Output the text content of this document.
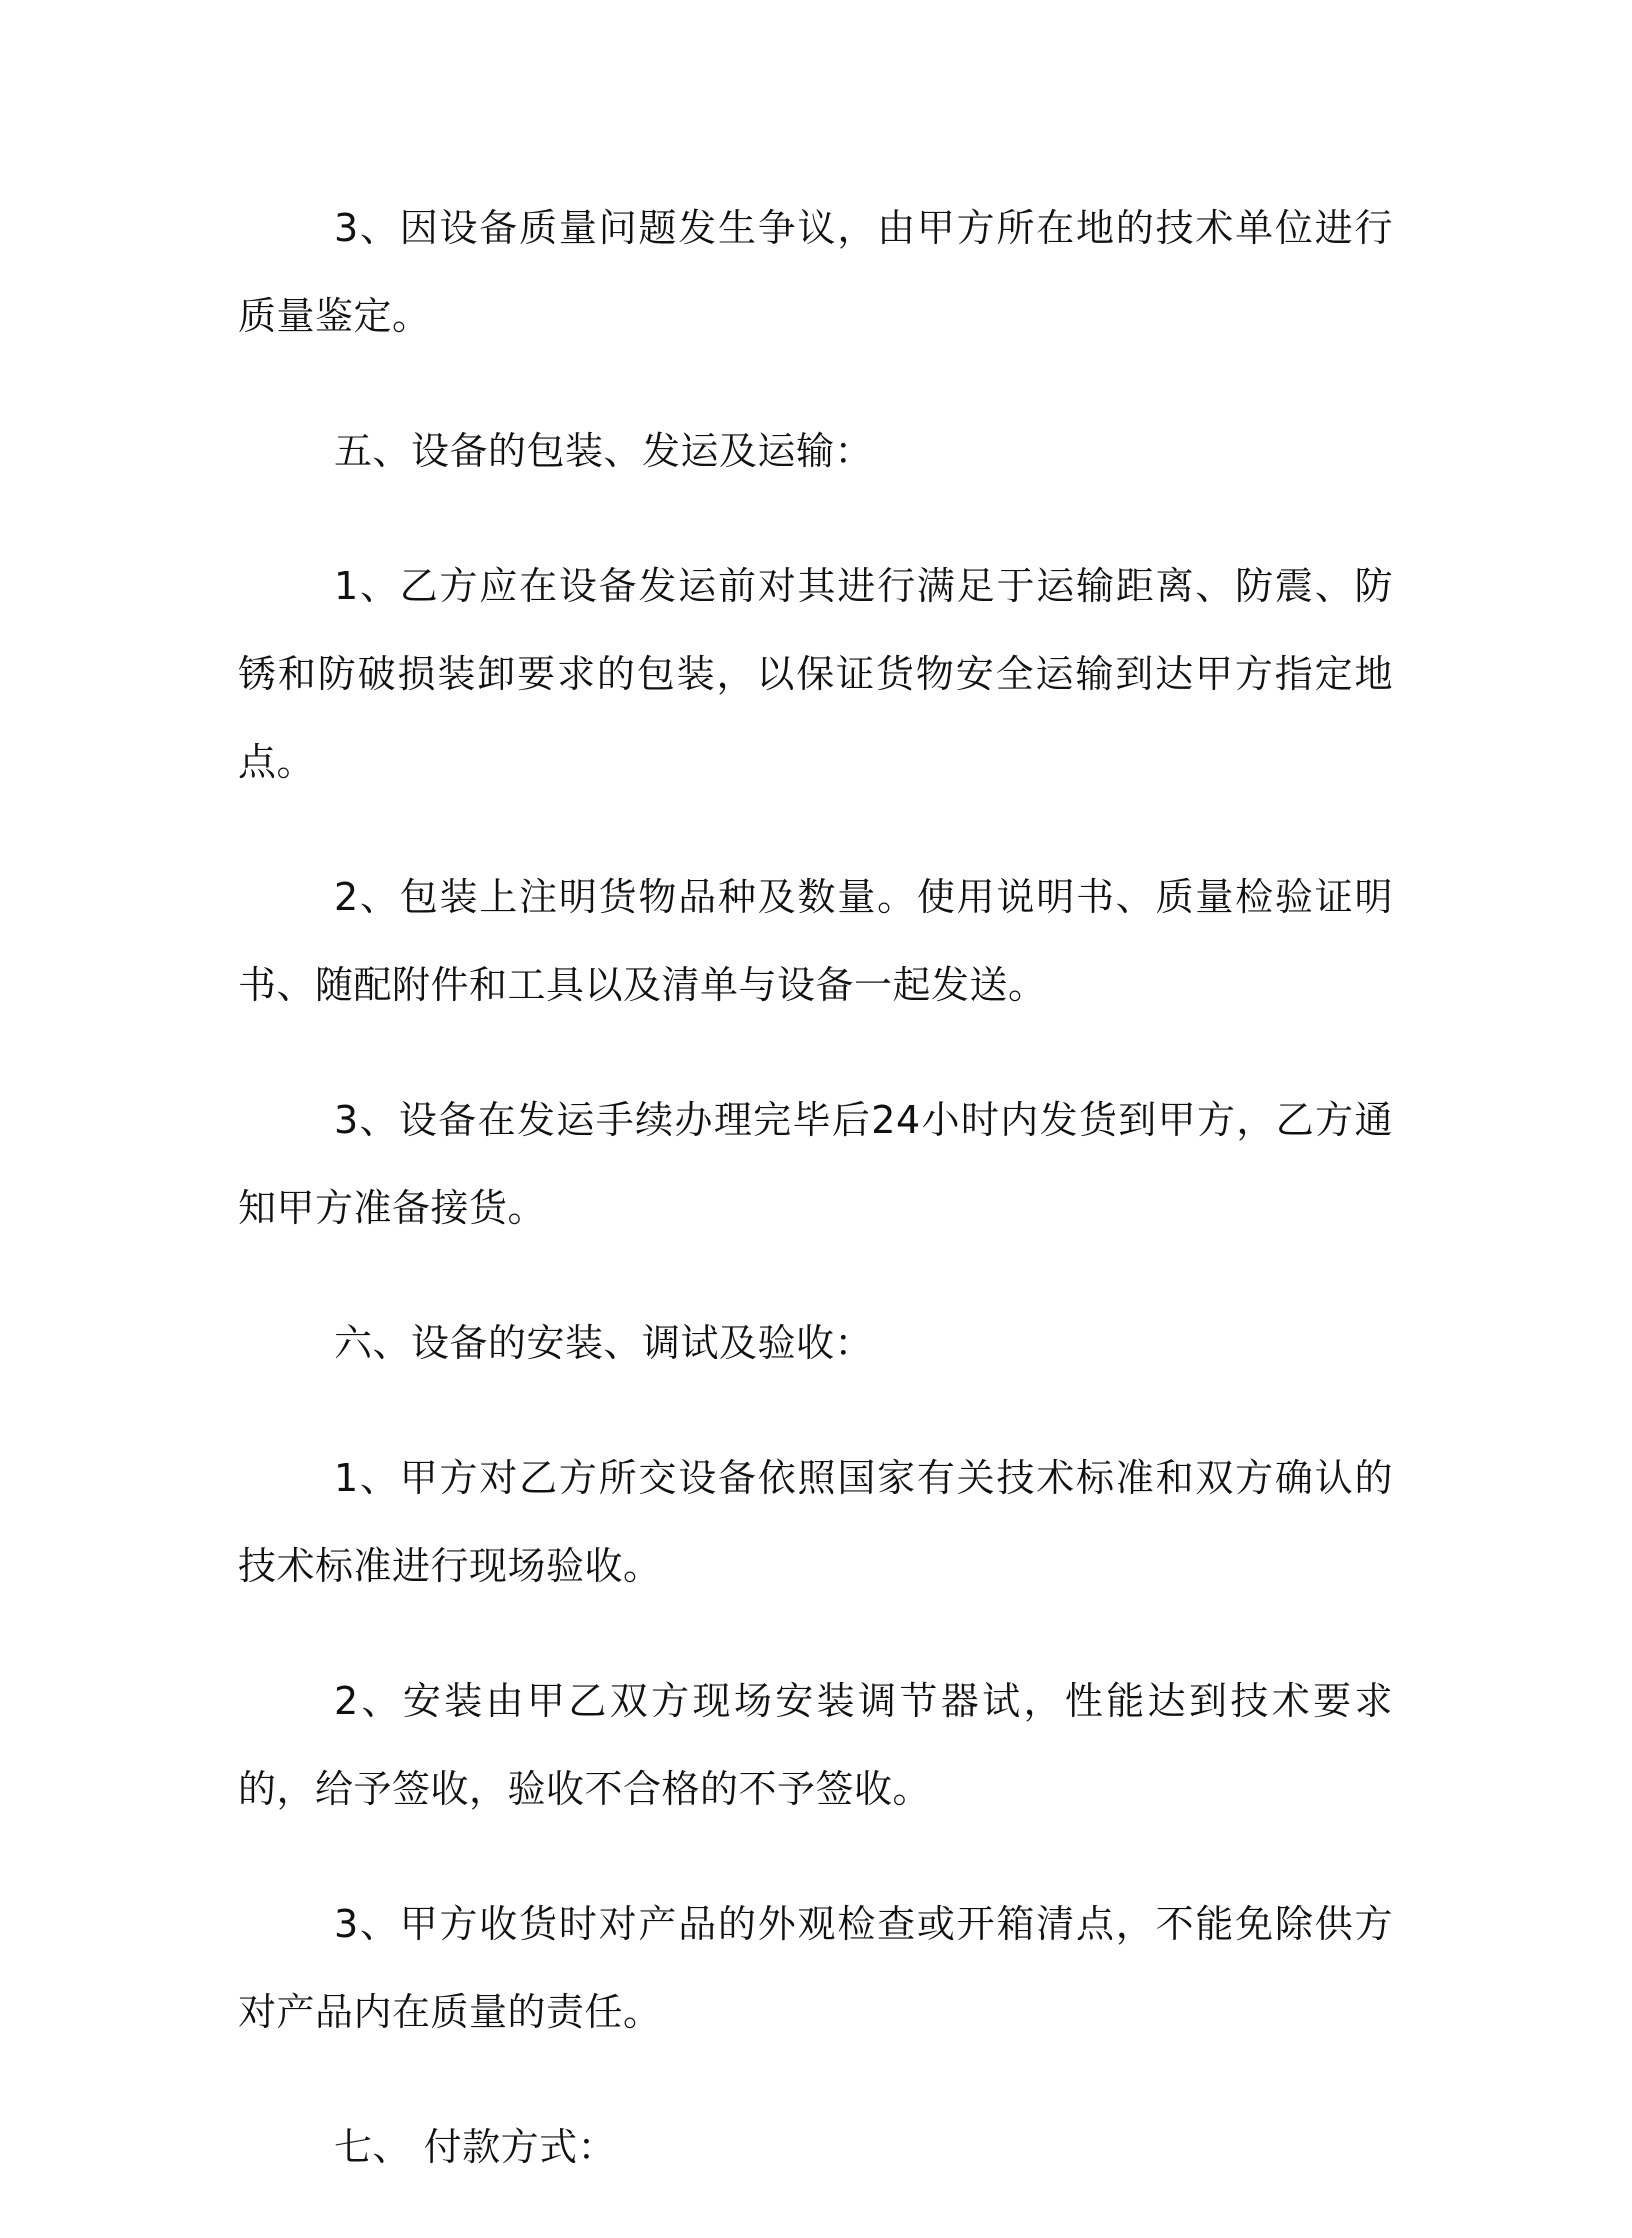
3、因设备质量问题发生争议，由甲方所在地的技术单位进行质量鉴定。

五、设备的包装、发运及运输：

1、乙方应在设备发运前对其进行满足于运输距离、防震、防锈和防破损装卸要求的包装，以保证货物安全运输到达甲方指定地点。

2、包装上注明货物品种及数量。使用说明书、质量检验证明书、随配附件和工具以及清单与设备一起发送。

3、设备在发运手续办理完毕后24小时内发货到甲方，乙方通知甲方准备接货。

六、设备的安装、调试及验收：

1、甲方对乙方所交设备依照国家有关技术标准和双方确认的技术标准进行现场验收。

2、安装由甲乙双方现场安装调节器试，性能达到技术要求的，给予签收，验收不合格的不予签收。

3、甲方收货时对产品的外观检查或开箱清点，不能免除供方对产品内在质量的责任。

七、 付款方式：
